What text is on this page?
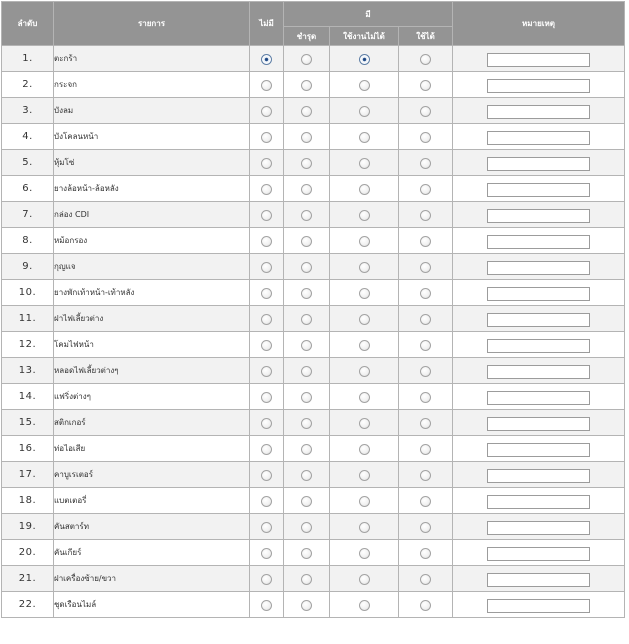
ลำดับ	รายการ	ไม่มี	มี			หมายเหตุ
			ชำรุด	ใช้งานไม่ได้	ใช้ได้	
1.	ตะกร้า					
2.	กระจก					
3.	บังลม					
4.	บังโคลนหน้า					
5.	หุ้มโซ่					
6.	ยางล้อหน้า-ล้อหลัง					
7.	กล่อง CDI					
8.	หม้อกรอง					
9.	กุญแจ					
10.	ยางพักเท้าหน้า-เท้าหลัง					
11.	ฝาไฟเลี้ยวต่าง					
12.	โคมไฟหน้า					
13.	หลอดไฟเลี้ยวต่างๆ					
14.	แฟริ่งต่างๆ					
15.	สติกเกอร์					
16.	ท่อไอเสีย					
17.	คาบูเรเตอร์					
18.	แบตเตอรี่					
19.	คันสตาร์ท					
20.	คันเกียร์					
21.	ฝาเครื่องซ้าย/ขวา					
22.	ชุดเรือนไมล์					
